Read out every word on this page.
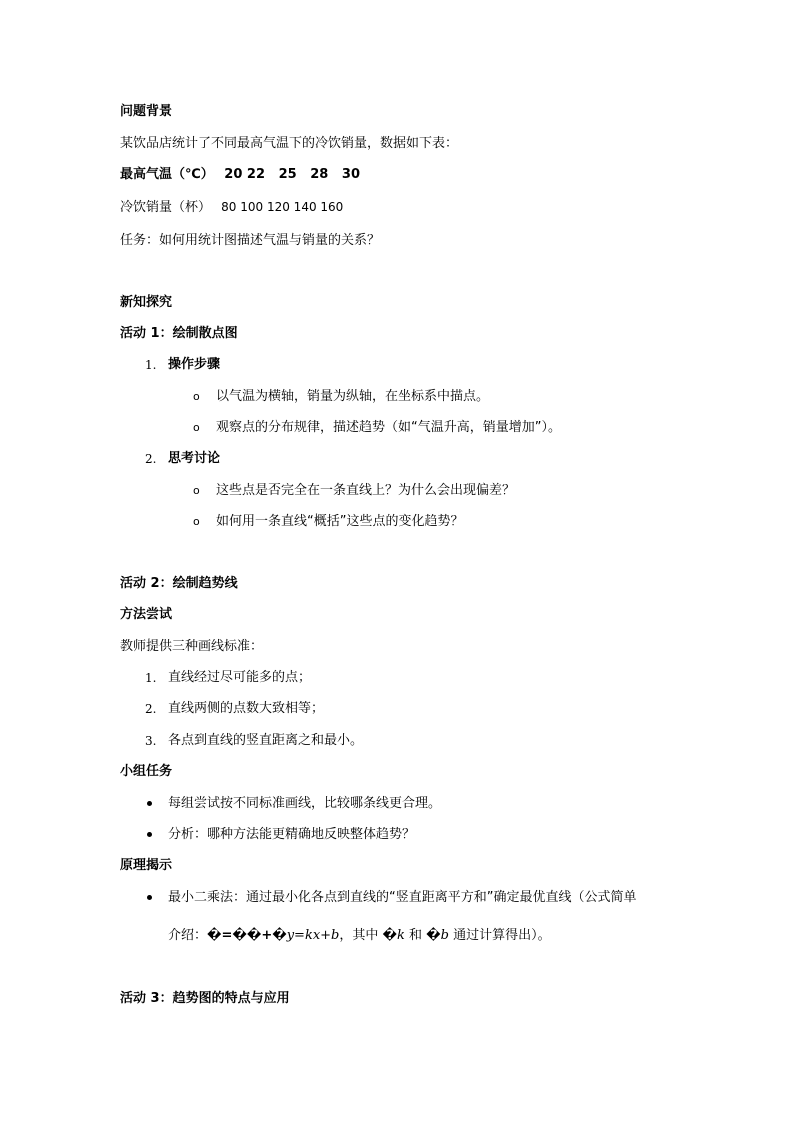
问题背景
某饮品店统计了不同最高气温下的冷饮销量，数据如下表：
最高气温（℃） 20 22   25   28   30
冷饮销量（杯） 80 100 120 140 160
任务：如何用统计图描述气温与销量的关系？
新知探究
活动 1：绘制散点图
1. 操作步骤
o 以气温为横轴，销量为纵轴，在坐标系中描点。
o 观察点的分布规律，描述趋势（如“气温升高，销量增加”）。
2. 思考讨论
o 这些点是否完全在一条直线上？为什么会出现偏差？
o 如何用一条直线“概括”这些点的变化趋势？
活动 2：绘制趋势线
方法尝试
教师提供三种画线标准：
1. 直线经过尽可能多的点；
2. 直线两侧的点数大致相等；
3. 各点到直线的竖直距离之和最小。
小组任务
每组尝试按不同标准画线，比较哪条线更合理。
分析：哪种方法能更精确地反映整体趋势？
原理揭示
最小二乘法：通过最小化各点到直线的“竖直距离平方和”确定最优直线（公式简单
介绍：�=��+�y=kx+b，其中 �k 和 �b 通过计算得出）。
活动 3：趋势图的特点与应用
